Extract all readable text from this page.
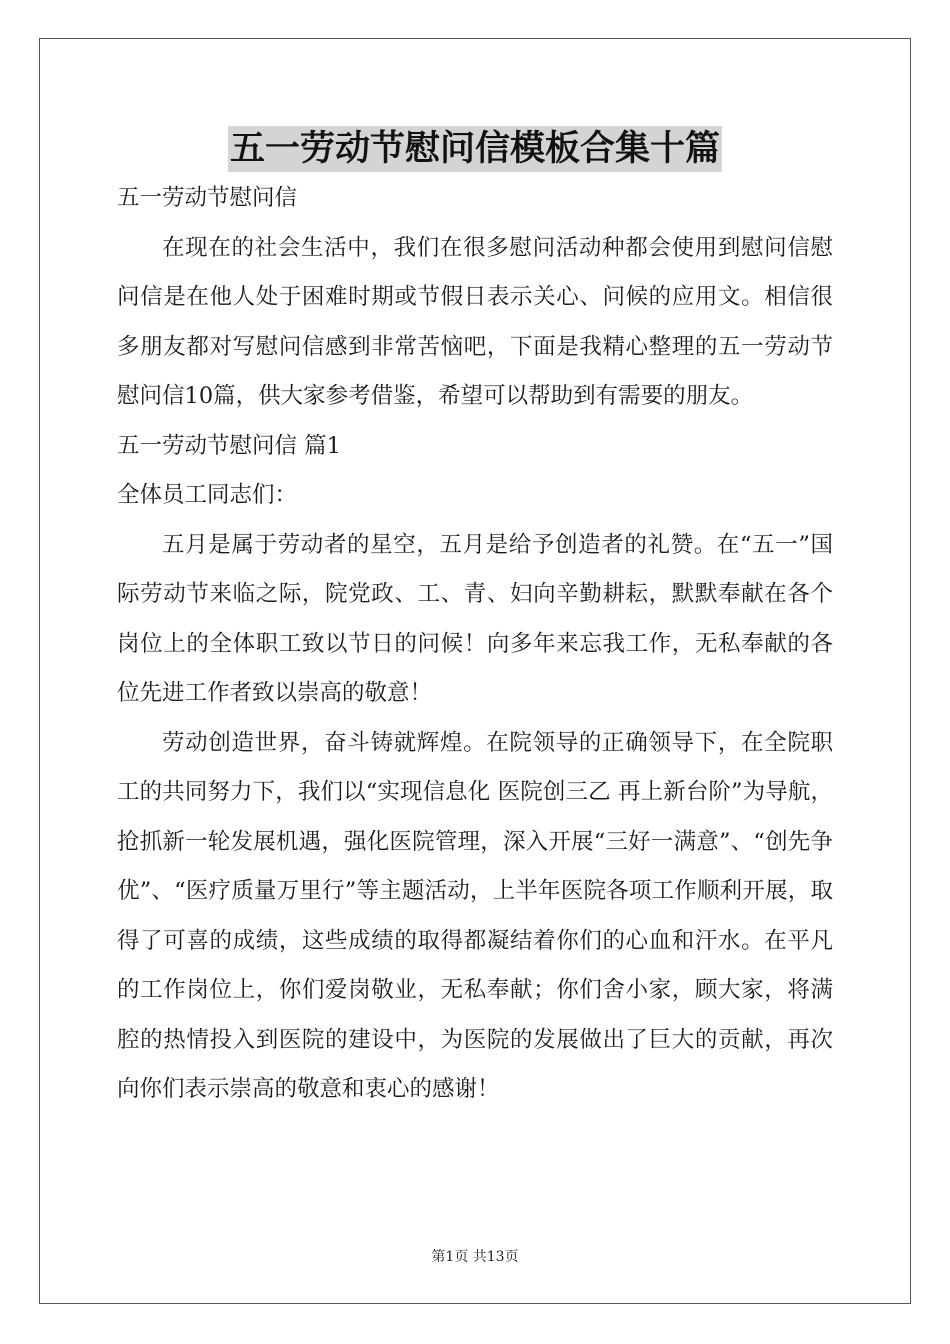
五一劳动节慰问信模板合集十篇

五一劳动节慰问信

在现在的社会生活中，我们在很多慰问活动种都会使用到慰问信慰问信是在他人处于困难时期或节假日表示关心、问候的应用文。相信很多朋友都对写慰问信感到非常苦恼吧，下面是我精心整理的五一劳动节慰问信10篇，供大家参考借鉴，希望可以帮助到有需要的朋友。

五一劳动节慰问信 篇1

全体员工同志们：

五月是属于劳动者的星空，五月是给予创造者的礼赞。在“五一”国际劳动节来临之际，院党政、工、青、妇向辛勤耕耘，默默奉献在各个岗位上的全体职工致以节日的问候！向多年来忘我工作，无私奉献的各位先进工作者致以崇高的敬意！

劳动创造世界，奋斗铸就辉煌。在院领导的正确领导下，在全院职工的共同努力下，我们以“实现信息化 医院创三乙 再上新台阶”为导航，抢抓新一轮发展机遇，强化医院管理，深入开展“三好一满意”、“创先争优”、“医疗质量万里行”等主题活动，上半年医院各项工作顺利开展，取得了可喜的成绩，这些成绩的取得都凝结着你们的心血和汗水。在平凡的工作岗位上，你们爱岗敬业，无私奉献；你们舍小家，顾大家，将满腔的热情投入到医院的建设中，为医院的发展做出了巨大的贡献，再次向你们表示崇高的敬意和衷心的感谢！

第1页 共13页
